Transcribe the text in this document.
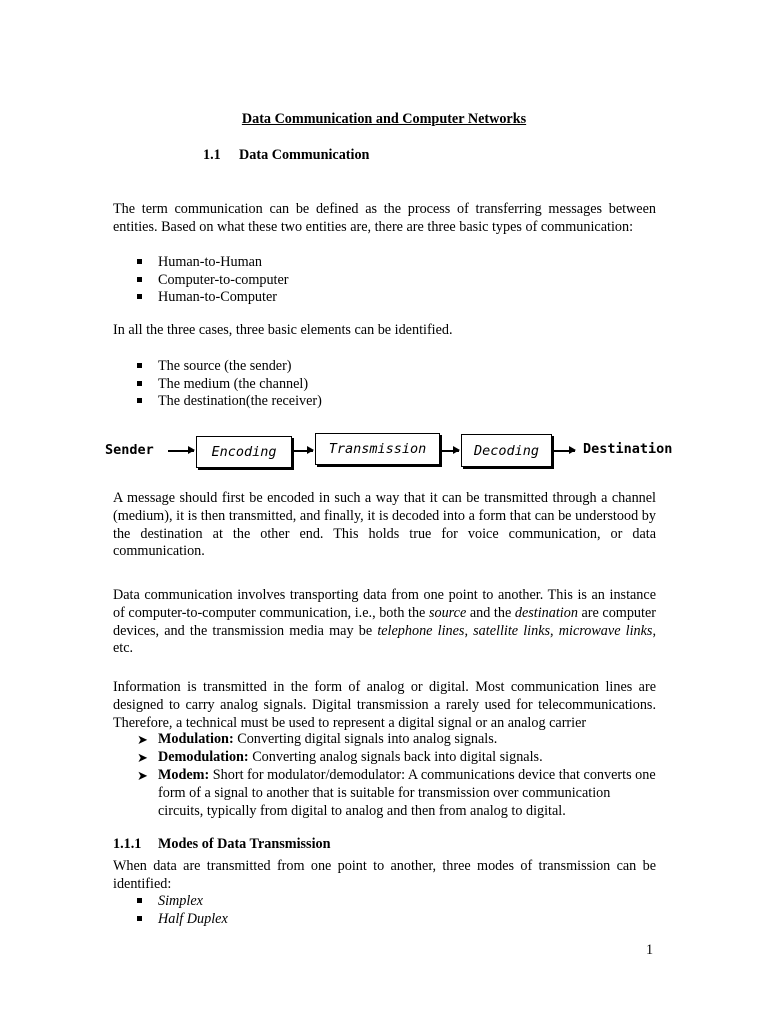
Data Communication and Computer Networks

1.1 Data Communication

The term communication can be defined as the process of transferring messages between entities. Based on what these two entities are, there are three basic types of communication:

Human-to-Human
Computer-to-computer
Human-to-Computer

In all the three cases, three basic elements can be identified.

The source (the sender)
The medium (the channel)
The destination(the receiver)
Sender	Encoding	Transmission	Decoding	Destination

A message should first be encoded in such a way that it can be transmitted through a channel (medium), it is then transmitted, and finally, it is decoded into a form that can be understood by the destination at the other end. This holds true for voice communication, or data communication.

Data communication involves transporting data from one point to another. This is an instance of computer-to-computer communication, i.e., both the source and the destination are computer devices, and the transmission media may be telephone lines, satellite links, microwave links, etc.

Information is transmitted in the form of analog or digital. Most communication lines are designed to carry analog signals. Digital transmission a rarely used for telecommunications. Therefore, a technical must be used to represent a digital signal or an analog carrier

➤ Modulation: Converting digital signals into analog signals.
➤ Demodulation: Converting analog signals back into digital signals.
➤ Modem: Short for modulator/demodulator: A communications device that converts one form of a signal to another that is suitable for transmission over communication circuits, typically from digital to analog and then from analog to digital.

1.1.1 Modes of Data Transmission

When data are transmitted from one point to another, three modes of transmission can be identified:

Simplex
Half Duplex

1
